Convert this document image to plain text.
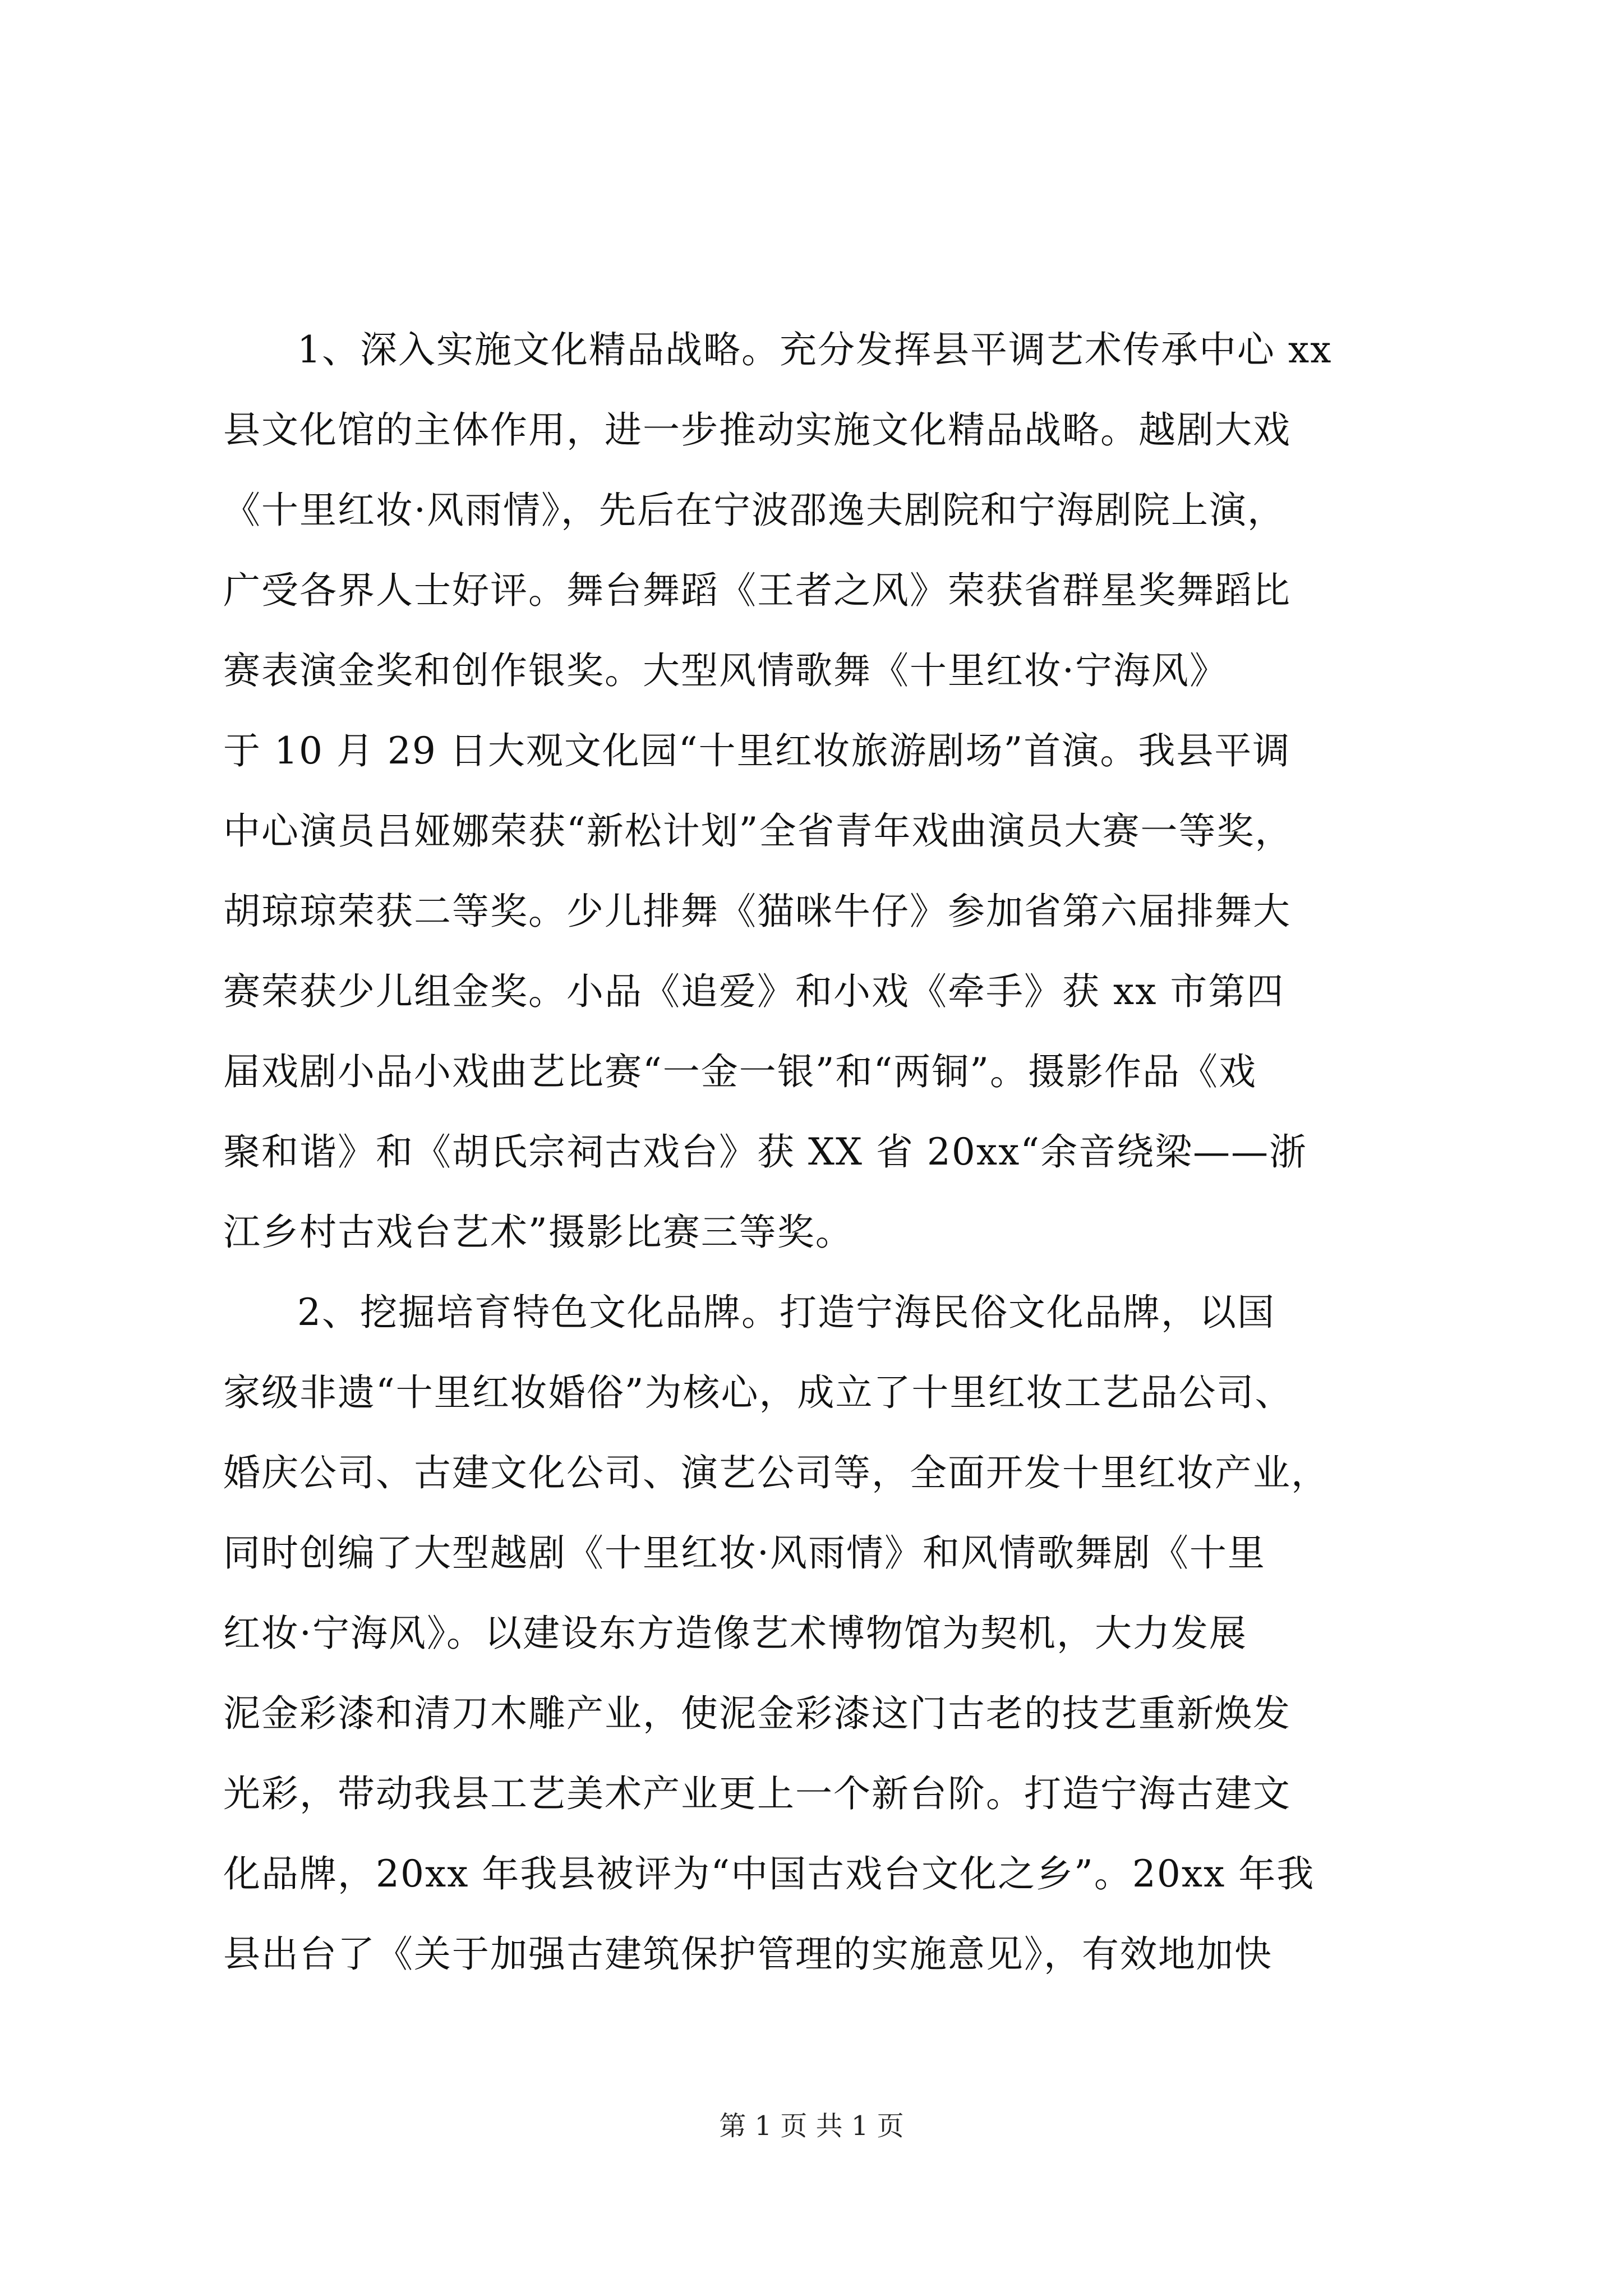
1、深入实施文化精品战略。充分发挥县平调艺术传承中心 xx
县文化馆的主体作用，进一步推动实施文化精品战略。越剧大戏
《十里红妆·风雨情》，先后在宁波邵逸夫剧院和宁海剧院上演，
广受各界人士好评。舞台舞蹈《王者之风》荣获省群星奖舞蹈比
赛表演金奖和创作银奖。大型风情歌舞《十里红妆·宁海风》
于 10 月 29 日大观文化园“十里红妆旅游剧场”首演。我县平调
中心演员吕娅娜荣获“新松计划”全省青年戏曲演员大赛一等奖，
胡琼琼荣获二等奖。少儿排舞《猫咪牛仔》参加省第六届排舞大
赛荣获少儿组金奖。小品《追爱》和小戏《牵手》获 xx 市第四
届戏剧小品小戏曲艺比赛“一金一银”和“两铜”。摄影作品《戏
聚和谐》和《胡氏宗祠古戏台》获 XX 省 20xx“余音绕梁——浙
江乡村古戏台艺术”摄影比赛三等奖。
2、挖掘培育特色文化品牌。打造宁海民俗文化品牌，以国
家级非遗“十里红妆婚俗”为核心，成立了十里红妆工艺品公司、
婚庆公司、古建文化公司、演艺公司等，全面开发十里红妆产业，
同时创编了大型越剧《十里红妆·风雨情》和风情歌舞剧《十里
红妆·宁海风》。以建设东方造像艺术博物馆为契机，大力发展
泥金彩漆和清刀木雕产业，使泥金彩漆这门古老的技艺重新焕发
光彩，带动我县工艺美术产业更上一个新台阶。打造宁海古建文
化品牌，20xx 年我县被评为“中国古戏台文化之乡”。20xx 年我
县出台了《关于加强古建筑保护管理的实施意见》，有效地加快
第 1 页 共 1 页
